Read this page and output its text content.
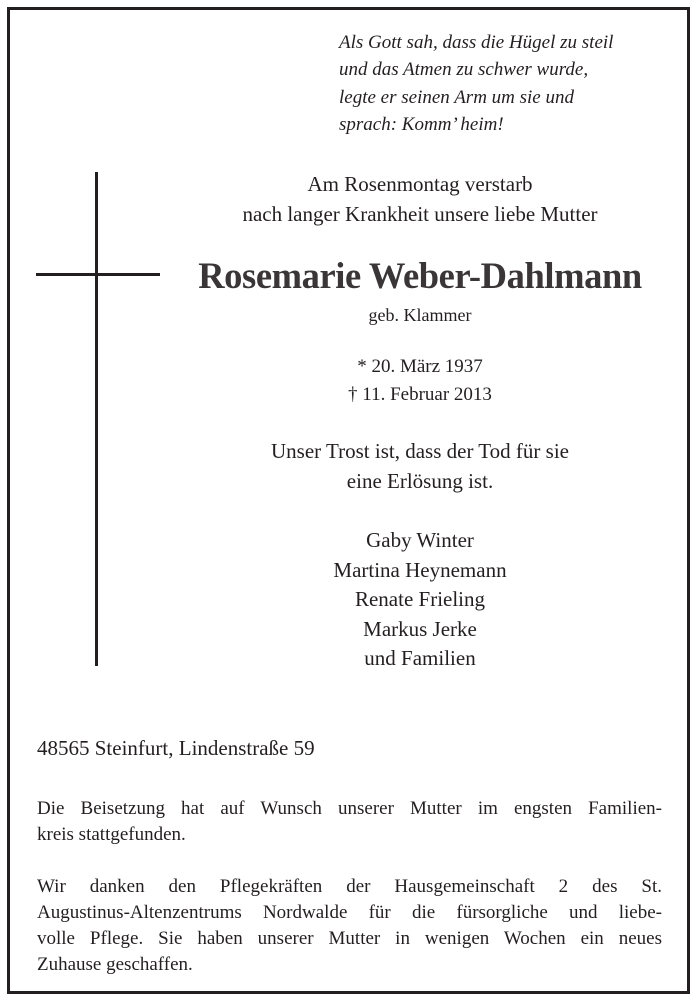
Als Gott sah, dass die Hügel zu steil
und das Atmen zu schwer wurde,
legte er seinen Arm um sie und
sprach: Komm’ heim!
Am Rosenmontag verstarb
nach langer Krankheit unsere liebe Mutter
Rosemarie Weber-Dahlmann
geb. Klammer
* 20. März 1937
† 11. Februar 2013
Unser Trost ist, dass der Tod für sie
eine Erlösung ist.
Gaby Winter
Martina Heynemann
Renate Frieling
Markus Jerke
und Familien
48565 Steinfurt, Lindenstraße 59
Die Beisetzung hat auf Wunsch unserer Mutter im engsten Familien-
kreis stattgefunden.
Wir danken den Pflegekräften der Hausgemeinschaft 2 des St.
Augustinus-Altenzentrums Nordwalde für die fürsorgliche und liebe-
volle Pflege. Sie haben unserer Mutter in wenigen Wochen ein neues
Zuhause geschaffen.
